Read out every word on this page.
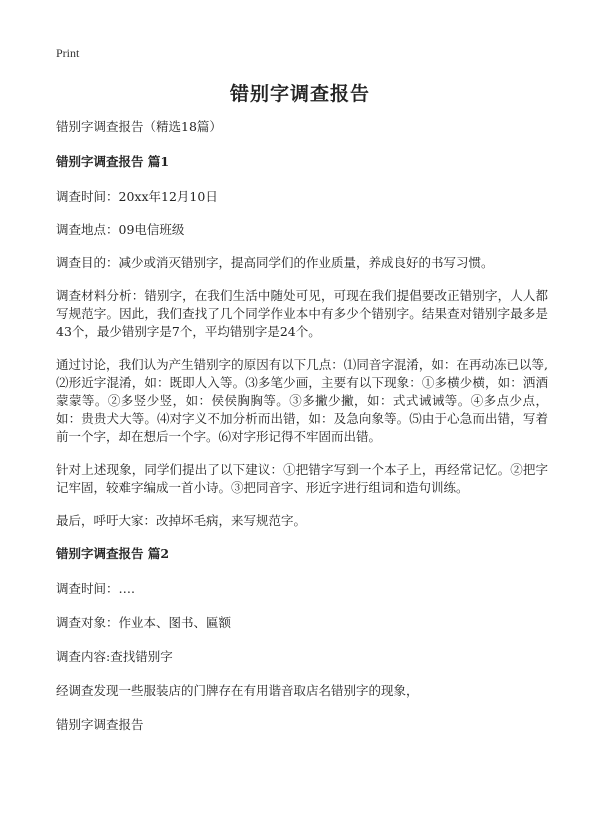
Print
错别字调查报告

错别字调查报告（精选18篇）

错别字调查报告 篇1

调查时间：20xx年12月10日

调查地点：09电信班级

调查目的：减少或消灭错别字，提高同学们的作业质量，养成良好的书写习惯。

调查材料分析：错别字，在我们生活中随处可见，可现在我们提倡要改正错别字，人人都写规范字。因此，我们查找了几个同学作业本中有多少个错别字。结果查对错别字最多是43个，最少错别字是7个，平均错别字是24个。

通过讨论，我们认为产生错别字的原因有以下几点：⑴同音字混淆，如：在再动冻已以等,⑵形近字混淆，如：既即人入等。⑶多笔少画，主要有以下现象：①多横少横，如：洒酒蒙蒙等。②多竖少竖，如：侯侯胸胸等。③多撇少撇，如：式式诫诫等。④多点少点，如：贵贵犬大等。⑷对字义不加分析而出错，如：及急向象等。⑸由于心急而出错，写着前一个字，却在想后一个字。⑹对字形记得不牢固而出错。

针对上述现象，同学们提出了以下建议：①把错字写到一个本子上，再经常记忆。②把字记牢固，较难字编成一首小诗。③把同音字、形近字进行组词和造句训练。

最后，呼吁大家：改掉坏毛病，来写规范字。

错别字调查报告 篇2

调查时间：….

调查对象：作业本、图书、匾额

调查内容:查找错别字

经调查发现一些服装店的门牌存在有用谐音取店名错别字的现象，

错别字调查报告
